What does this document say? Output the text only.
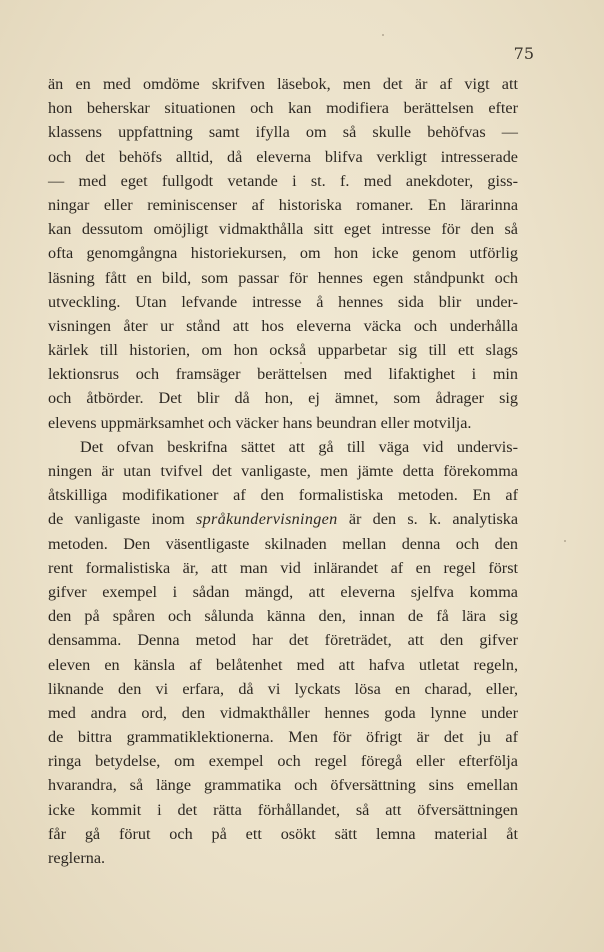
75
än en med omdöme skrifven läsebok, men det är af vigt att
hon beherskar situationen och kan modifiera berättelsen efter
klassens uppfattning samt ifylla om så skulle behöfvas —
och det behöfs alltid, då eleverna blifva verkligt intresserade
— med eget fullgodt vetande i st. f. med anekdoter, giss-
ningar eller reminiscenser af historiska romaner. En lärarinna
kan dessutom omöjligt vidmakthålla sitt eget intresse för den så
ofta genomgångna historiekursen, om hon icke genom utförlig
läsning fått en bild, som passar för hennes egen ståndpunkt och
utveckling. Utan lefvande intresse å hennes sida blir under-
visningen åter ur stånd att hos eleverna väcka och underhålla
kärlek till historien, om hon också upparbetar sig till ett slags
lektionsrus och framsäger berättelsen med lifaktighet i min
och åtbörder. Det blir då hon, ej ämnet, som ådrager sig
elevens uppmärksamhet och väcker hans beundran eller motvilja.
Det ofvan beskrifna sättet att gå till väga vid undervis-
ningen är utan tvifvel det vanligaste, men jämte detta förekomma
åtskilliga modifikationer af den formalistiska metoden. En af
de vanligaste inom språkundervisningen är den s. k. analytiska
metoden. Den väsentligaste skilnaden mellan denna och den
rent formalistiska är, att man vid inlärandet af en regel först
gifver exempel i sådan mängd, att eleverna sjelfva komma
den på spåren och sålunda känna den, innan de få lära sig
densamma. Denna metod har det företrädet, att den gifver
eleven en känsla af belåtenhet med att hafva utletat regeln,
liknande den vi erfara, då vi lyckats lösa en charad, eller,
med andra ord, den vidmakthåller hennes goda lynne under
de bittra grammatiklektionerna. Men för öfrigt är det ju af
ringa betydelse, om exempel och regel föregå eller efterfölja
hvarandra, så länge grammatika och öfversättning sins emellan
icke kommit i det rätta förhållandet, så att öfversättningen
får gå förut och på ett osökt sätt lemna material åt
reglerna.
